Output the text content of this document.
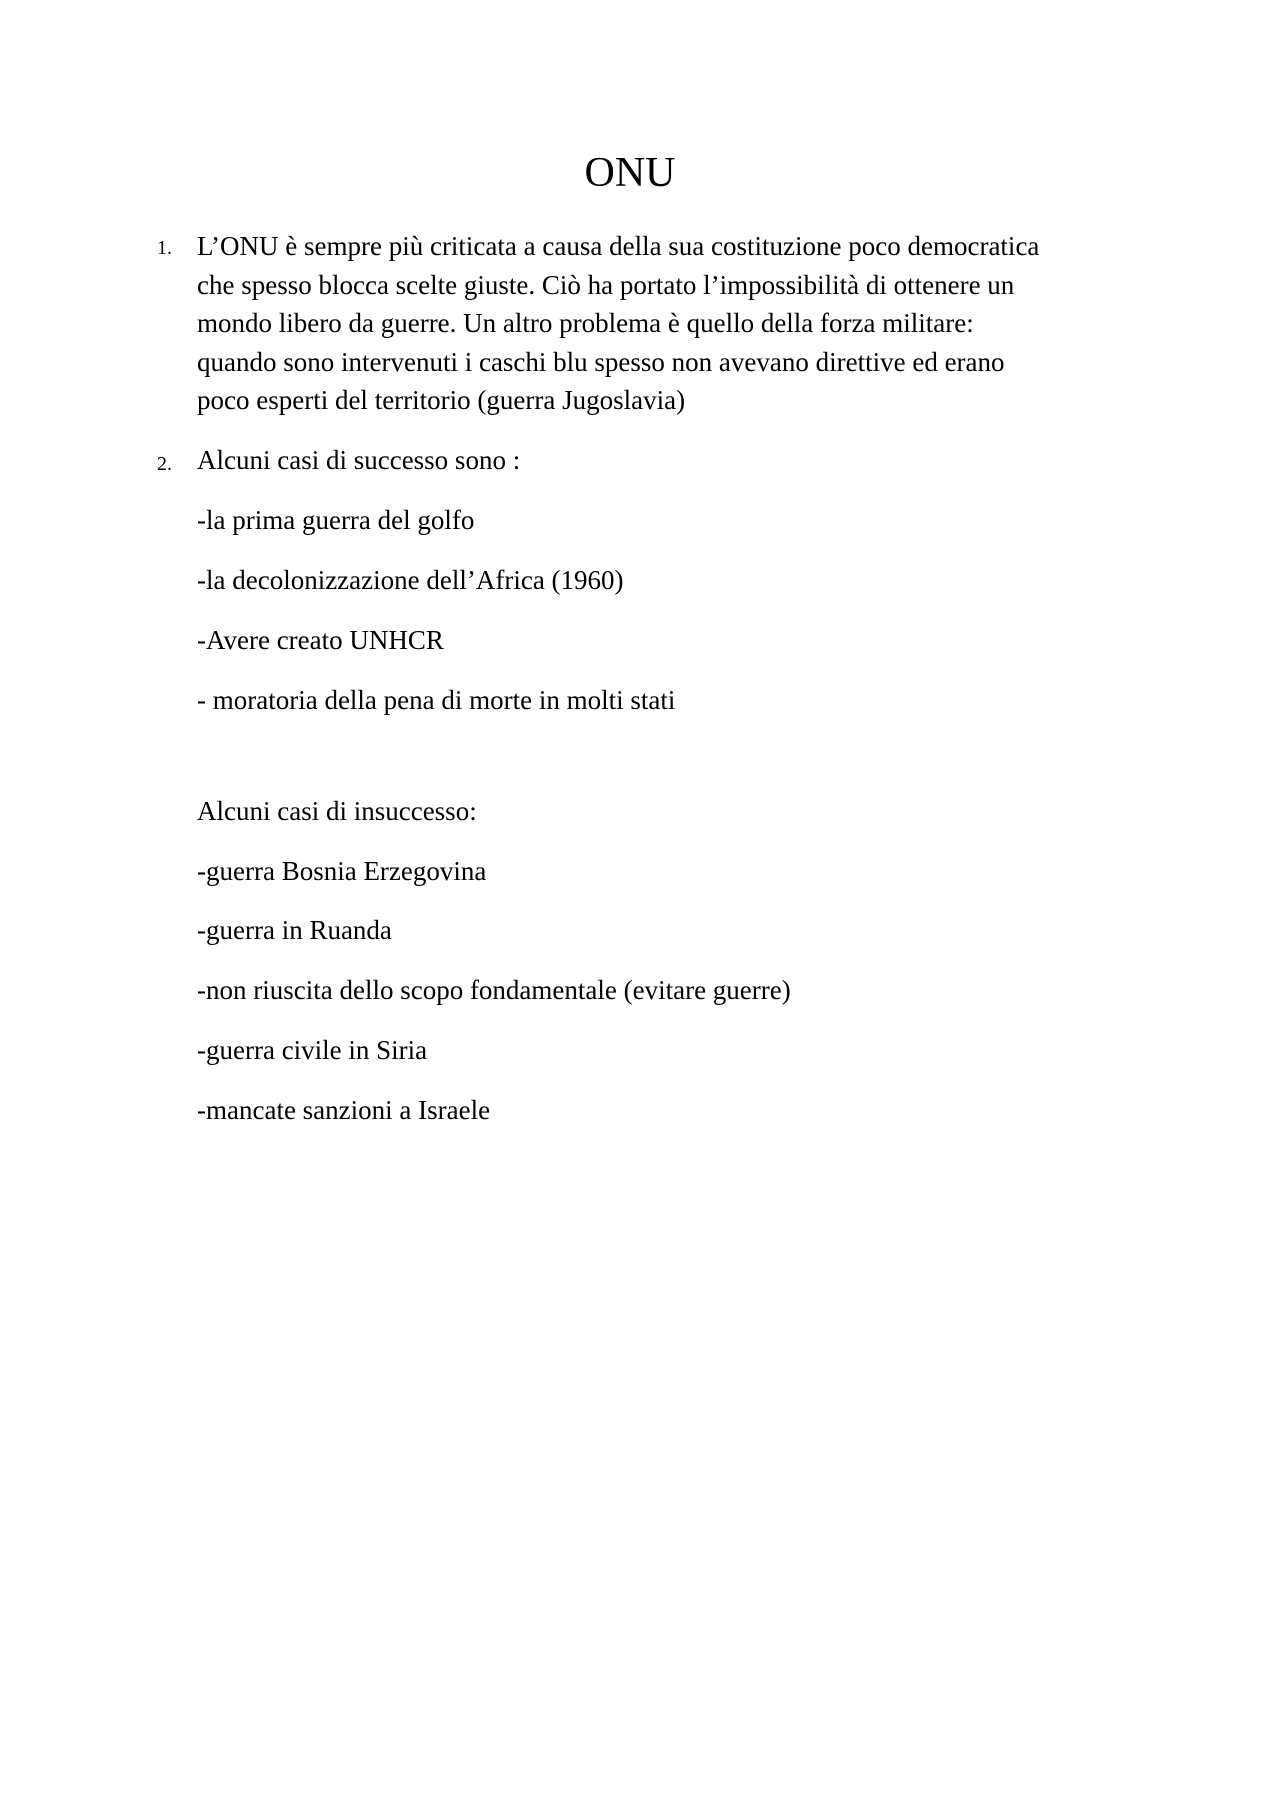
ONU
1. L’ONU è sempre più criticata a causa della sua costituzione poco democratica
che spesso blocca scelte giuste. Ciò ha portato l’impossibilità di ottenere un
mondo libero da guerre. Un altro problema è quello della forza militare:
quando sono intervenuti i caschi blu spesso non avevano direttive ed erano
poco esperti del territorio (guerra Jugoslavia)
2. Alcuni casi di successo sono :

-la prima guerra del golfo

-la decolonizzazione dell’Africa (1960)

-Avere creato UNHCR

- moratoria della pena di morte in molti stati

Alcuni casi di insuccesso:

-guerra Bosnia Erzegovina

-guerra in Ruanda

-non riuscita dello scopo fondamentale (evitare guerre)

-guerra civile in Siria

-mancate sanzioni a Israele
